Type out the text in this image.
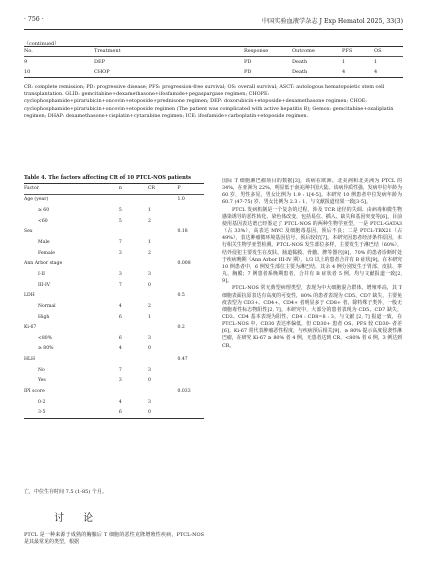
· 756 ·	中国实验血液学杂志 J Exp Hematol 2025, 33(3)
（continued）
No.	Treatment	Response	Outcome	PFS	OS
9	DEP	PD	Death	1	1
10	CHOP	PD	Death	4	4
CR: complete remission; PD: progressive disease; PFS: progression-free survival; OS: overall survival; ASCT: autologous hematopoietic stem cell transplantation. GLID: gemcitabine+dexamethasone+ifosfamide+pegaspargase regimen; CHOPE: cyclophosphamide+pirarubicin+oncovin+etoposide+prednisone regimen; DEP: doxorubicin+etoposide+dexamethasone regimen; CHOE: cyclophosphamide+pirarubicin+oncovin+etoposide regimen (The patient was complicated with active hepatitis B); Gemox: gemcitabine+oxaliplatin regimen; DHAP: dexamethasone+cisplatin+cytarabine regimen; ICE: ifosfamide+carboplatin+etoposide regimen.
Table 4. The factors affecting CR of 10 PTCL-NOS patients
Factor	n	CR	P
Age (year)			1.0
≥ 60	5	1	
<60	5	2	
Sex			0.18
Male	7	1	
Female	3	2	
Ann Arbor stage			0.008
I-II	3	3	
III-IV	7	0	
LDH			0.5
Normal	4	2	
High	6	1	
Ki-67			0.2
<80%	6	3	
≥ 80%	4	0	
HLH			0.47
No	7	3	
Yes	3	0	
IPI score			0.033
0-2	4	3	
3-5	6	0	
亡，中位生存时间 7.5 (1-85) 个月。
讨 论
PTCL 是一种来源于成熟的胸腺后 T 细胞的恶性克隆增殖性疾病，PTCL-NOS 是其最常见的类型，根据

国际 T 细胞淋巴瘤项目的数据[3]，该病在欧洲、北美洲和北美洲为 PTCL 的 34%，在亚洲为 22%，明显低于南美洲中国大陆。该病异质性强，发病中位年龄为 60 岁，男性多见，男女比例为 1.9 : 1[4-5]。本研究 10 例患者中位发病年龄为 60.7 (47-75) 岁，男女比例为 2.3 : 1，与文献报道结果一致[3-5]。

PTCL 发病机制是一个复杂的过程，涉及 TCR 途径的失调、由病毒和微生物感染诱导的恶性转化、染色体改变，包括易位、插入、缺失和基因突变等[6]。目前使用基因表达谱已经鉴定了 PTCL-NOS 的两种生物学亚型，一是 PTCL-GATA3（占 33%），高表达 MYC 及细胞毒基因，预后不良；二是 PTCL-TBX21（占 49%），表达肿瘤微环境基因信号，预后较好[7]。本研究因患者经济条件原因，未行相关生物学亚型检测。PTCL-NOS 发生部位多样，主要发生于淋巴结（60%），结外侵犯主要发生在皮肤、肠道黏膜、骨髓、脾等器官[8]，70% 的患者诊断时处于疾病晚期（Ann Arbor III-IV 期），1/3 以上的患者合并有 B 症状[9]。在本研究 10 例患者中，6 例发生部位主要为淋巴结，其余 4 例分别发生于胃部、皮肤、睾丸、胸膜；7 例患者系晚期患者，合并有 B 症状者 5 例，均与文献报道一致[2, 9]。

PTCL-NOS 常无典型病理类型，表现为中大细胞混合群体，增殖率高，其 T 细胞表面抗原表达有高度的可变性，80% 的患者表现为 CD5、CD7 缺失，主要免疫表型为 CD3+、CD4+、CD4+ 者明显多于 CD8+ 者，除特殊子类外，一般无细胞毒性标志物阳性[2, 7]。本研究中，大部分的患者表现为 CD5、CD7 缺失，CD3、CD4 基本表现为阳性，CD4 : CD8=8 : 3，与文献 [2, 7] 报道一致，在 PTCL-NOS 中，CD30 表达率偏低，但 CD30+ 患者 OS、PFS 较 CD30- 者差[6]。Ki-67 常代表肿瘤恶性程度，与疾病预后相关[9]，≥ 80% 提示高度侵袭性淋巴瘤，在研究 Ki-67 ≥ 80% 者 4 例，无患者达到 CR，<80% 者 6 例，3 例达到 CR。
